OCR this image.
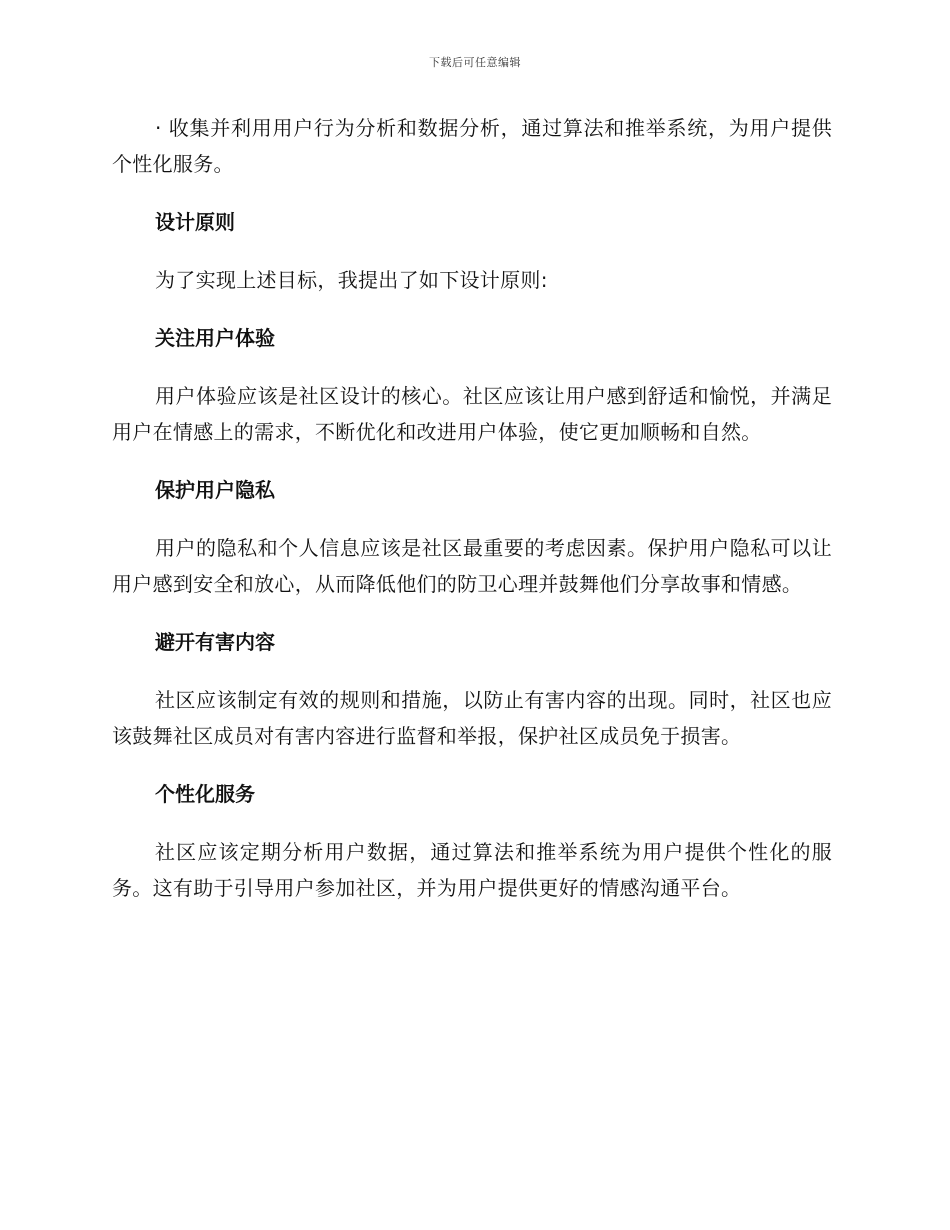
下载后可任意编辑

· 收集并利用用户行为分析和数据分析，通过算法和推举系统，为用户提供个性化服务。

设计原则

为了实现上述目标，我提出了如下设计原则:

关注用户体验

用户体验应该是社区设计的核心。社区应该让用户感到舒适和愉悦，并满足用户在情感上的需求，不断优化和改进用户体验，使它更加顺畅和自然。

保护用户隐私

用户的隐私和个人信息应该是社区最重要的考虑因素。保护用户隐私可以让用户感到安全和放心，从而降低他们的防卫心理并鼓舞他们分享故事和情感。

避开有害内容

社区应该制定有效的规则和措施，以防止有害内容的出现。同时，社区也应该鼓舞社区成员对有害内容进行监督和举报，保护社区成员免于损害。

个性化服务

社区应该定期分析用户数据，通过算法和推举系统为用户提供个性化的服务。这有助于引导用户参加社区，并为用户提供更好的情感沟通平台。
